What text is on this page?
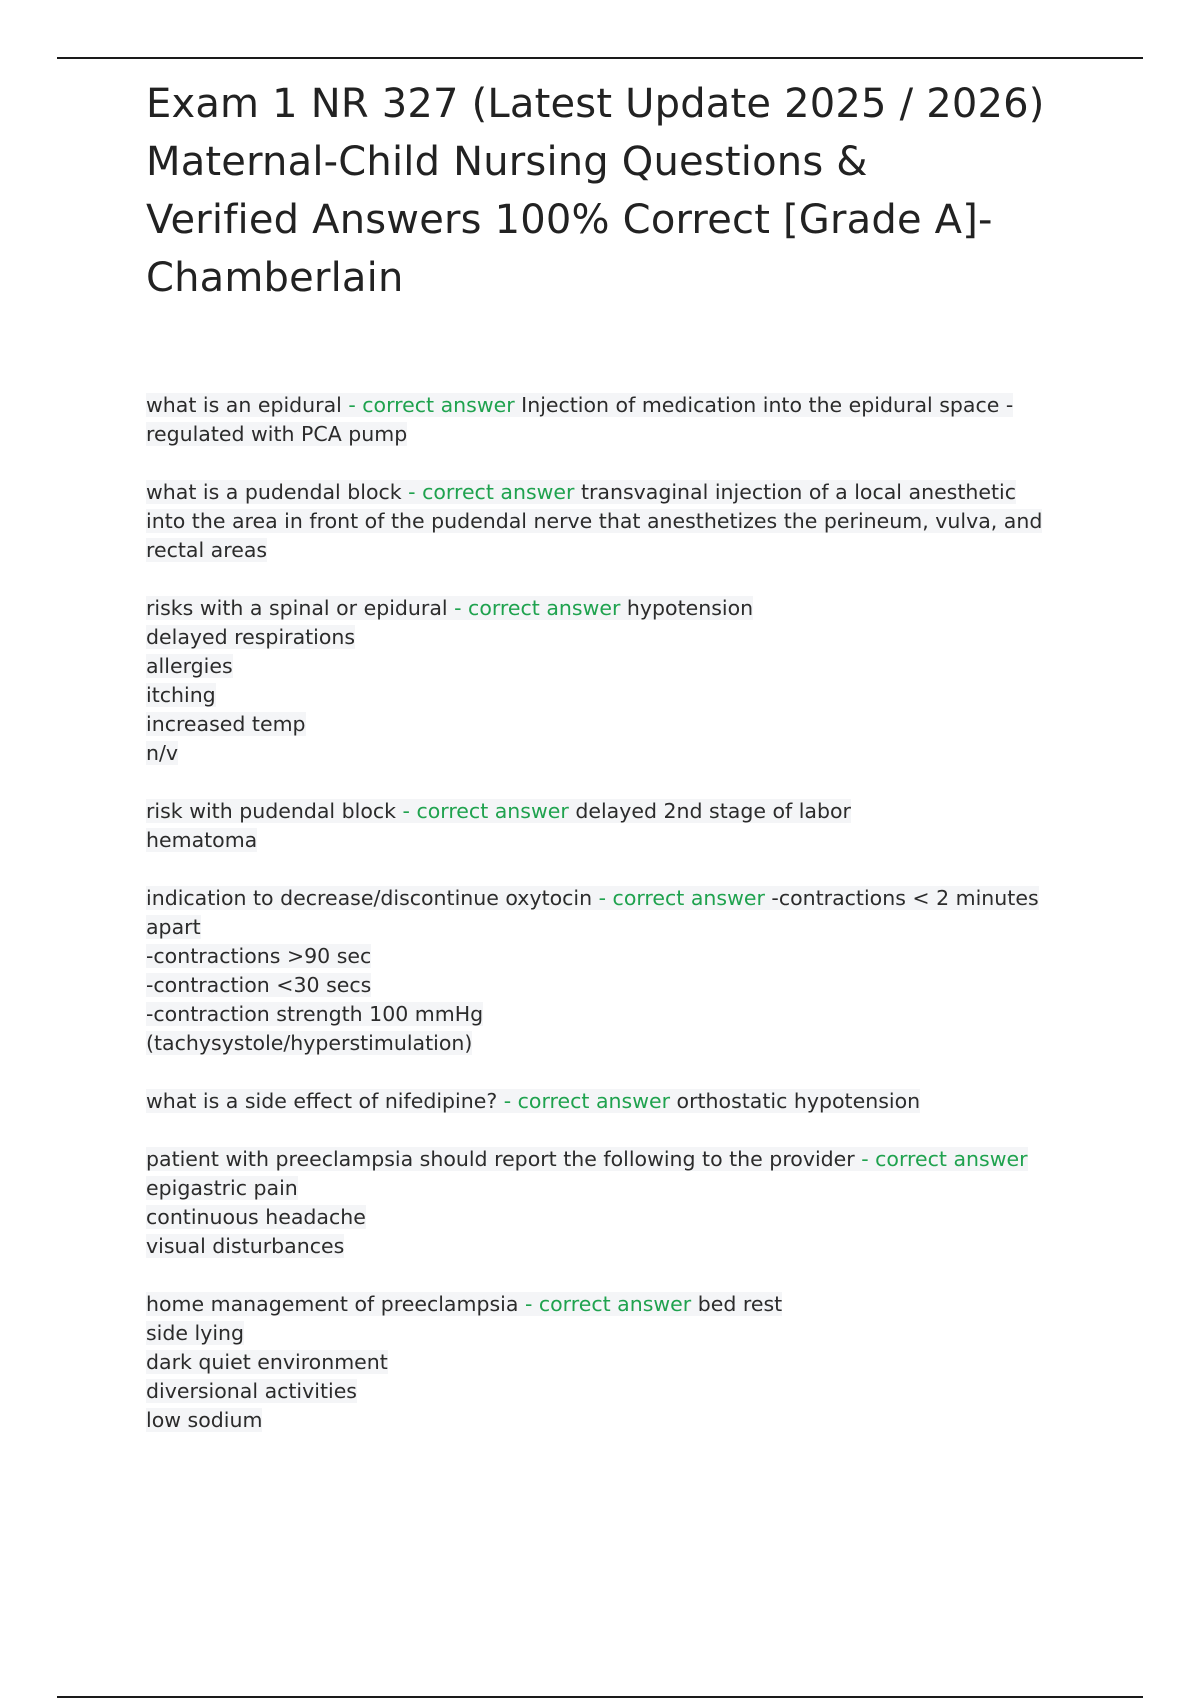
Exam 1 NR 327 (Latest Update 2025 / 2026)
Maternal-Child Nursing Questions &
Verified Answers 100% Correct [Grade A]-
Chamberlain
what is an epidural - correct answer Injection of medication into the epidural space -
regulated with PCA pump
what is a pudendal block - correct answer transvaginal injection of a local anesthetic
into the area in front of the pudendal nerve that anesthetizes the perineum, vulva, and
rectal areas
risks with a spinal or epidural - correct answer hypotension
delayed respirations
allergies
itching
increased temp
n/v
risk with pudendal block - correct answer delayed 2nd stage of labor
hematoma
indication to decrease/discontinue oxytocin - correct answer -contractions < 2 minutes
apart
-contractions >90 sec
-contraction <30 secs
-contraction strength 100 mmHg
(tachysystole/hyperstimulation)
what is a side effect of nifedipine? - correct answer orthostatic hypotension
patient with preeclampsia should report the following to the provider - correct answer
epigastric pain
continuous headache
visual disturbances
home management of preeclampsia - correct answer bed rest
side lying
dark quiet environment
diversional activities
low sodium
